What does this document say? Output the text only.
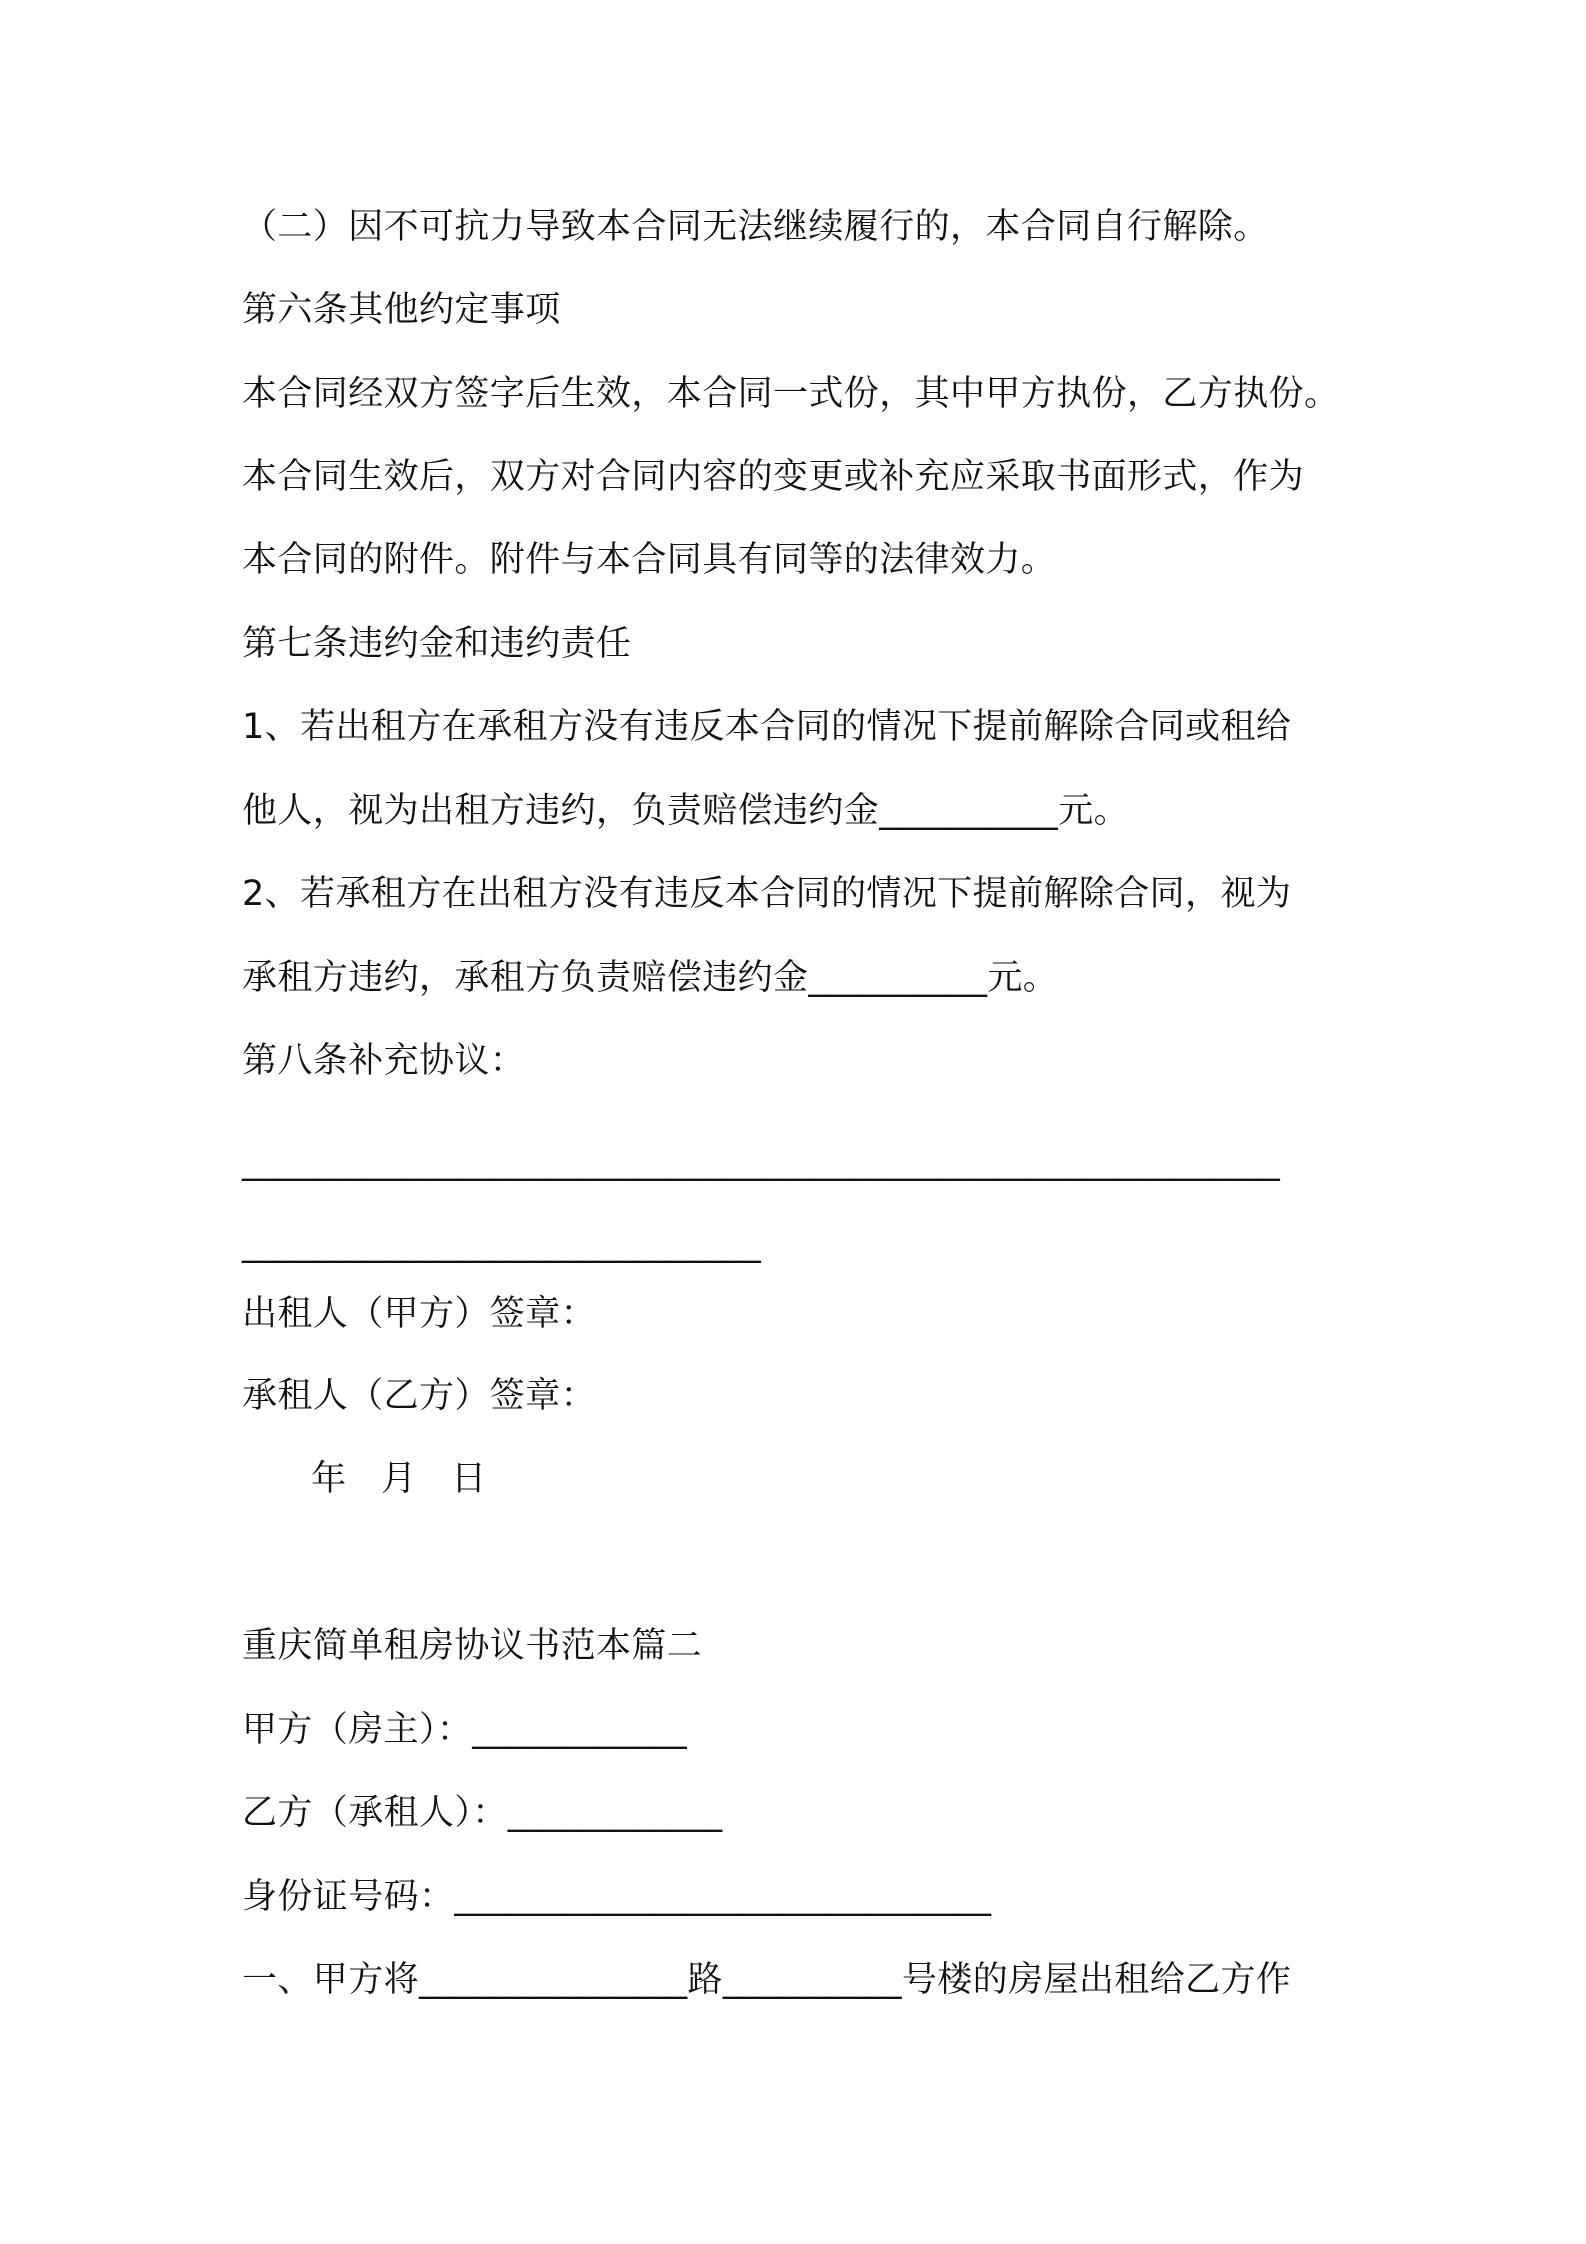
（二）因不可抗力导致本合同无法继续履行的，本合同自行解除。
第六条其他约定事项
本合同经双方签字后生效，本合同一式份，其中甲方执份，乙方执份。
本合同生效后，双方对合同内容的变更或补充应采取书面形式，作为
本合同的附件。附件与本合同具有同等的法律效力。
第七条违约金和违约责任
1、若出租方在承租方没有违反本合同的情况下提前解除合同或租给
他人，视为出租方违约，负责赔偿违约金__________元。
2、若承租方在出租方没有违反本合同的情况下提前解除合同，视为
承租方违约，承租方负责赔偿违约金__________元。
第八条补充协议：
__________________________________________________________
_____________________________
出租人（甲方）签章：
承租人（乙方）签章：
年   月   日
重庆简单租房协议书范本篇二
甲方（房主）：____________
乙方（承租人）：____________
身份证号码：______________________________
一、甲方将_______________路__________号楼的房屋出租给乙方作
